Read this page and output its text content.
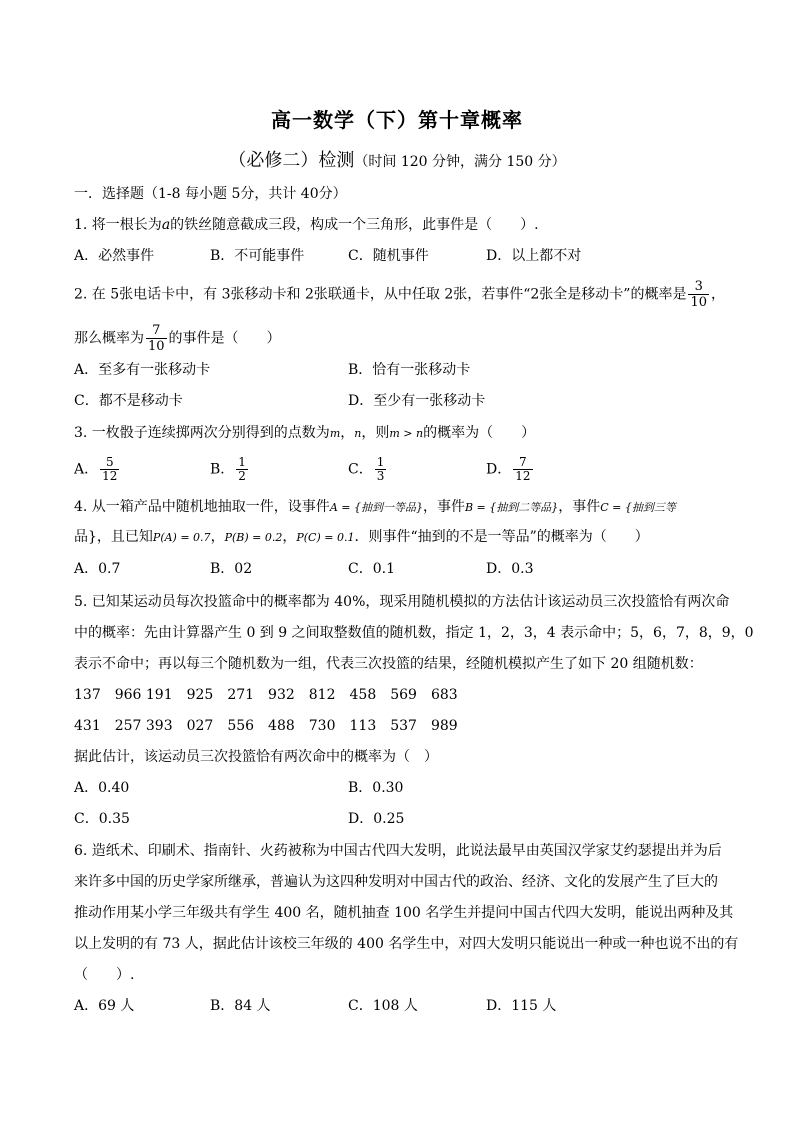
高一数学（下）第十章概率
（必修二）检测（时间 120 分钟，满分 150 分）
一．选择题（1-8 每小题 5分，共计 40分）
1. 将一根长为a的铁丝随意截成三段，构成一个三角形，此事件是（　　）.
A．必然事件	B．不可能事件	C．随机事件	D．以上都不对
2. 在 5张电话卡中，有 3张移动卡和 2张联通卡，从中任取 2张，若事件“2张全是移动卡”的概率是 $\frac{3}{10}$ ，
那么概率为 $\frac{7}{10}$ 的事件是（　　）
A．至多有一张移动卡	B．恰有一张移动卡
C．都不是移动卡	D．至少有一张移动卡
3. 一枚骰子连续掷两次分别得到的点数为m，n，则m > n的概率为（　　）
A． $\frac{5}{12}$	B． $\frac{1}{2}$	C． $\frac{1}{3}$	D． $\frac{7}{12}$
4. 从一箱产品中随机地抽取一件，设事件A = {抽到一等品}，事件B = {抽到二等品}，事件C = {抽到三等
品}，且已知P(A) = 0.7，P(B) = 0.2，P(C) = 0.1．则事件“抽到的不是一等品”的概率为（　　）
A．0.7	B．02	C．0.1	D．0.3
5. 已知某运动员每次投篮命中的概率都为 40%，现采用随机模拟的方法估计该运动员三次投篮恰有两次命
中的概率：先由计算器产生 0 到 9 之间取整数值的随机数，指定 1，2，3，4 表示命中；5，6，7，8，9，0
表示不命中；再以每三个随机数为一组，代表三次投篮的结果，经随机模拟产生了如下 20 组随机数：
137　966 191　925　271　932　812　458　569　683
431　257 393　027　556　488　730　113　537　989
据此估计，该运动员三次投篮恰有两次命中的概率为（　）
A．0.40	B．0.30
C．0.35	D．0.25
6. 造纸术、印刷术、指南针、火药被称为中国古代四大发明，此说法最早由英国汉学家艾约瑟提出并为后
来许多中国的历史学家所继承，普遍认为这四种发明对中国古代的政治、经济、文化的发展产生了巨大的
推动作用某小学三年级共有学生 400 名，随机抽查 100 名学生并提问中国古代四大发明，能说出两种及其
以上发明的有 73 人，据此估计该校三年级的 400 名学生中，对四大发明只能说出一种或一种也说不出的有
（　　）.
A．69 人	B．84 人	C．108 人	D．115 人
